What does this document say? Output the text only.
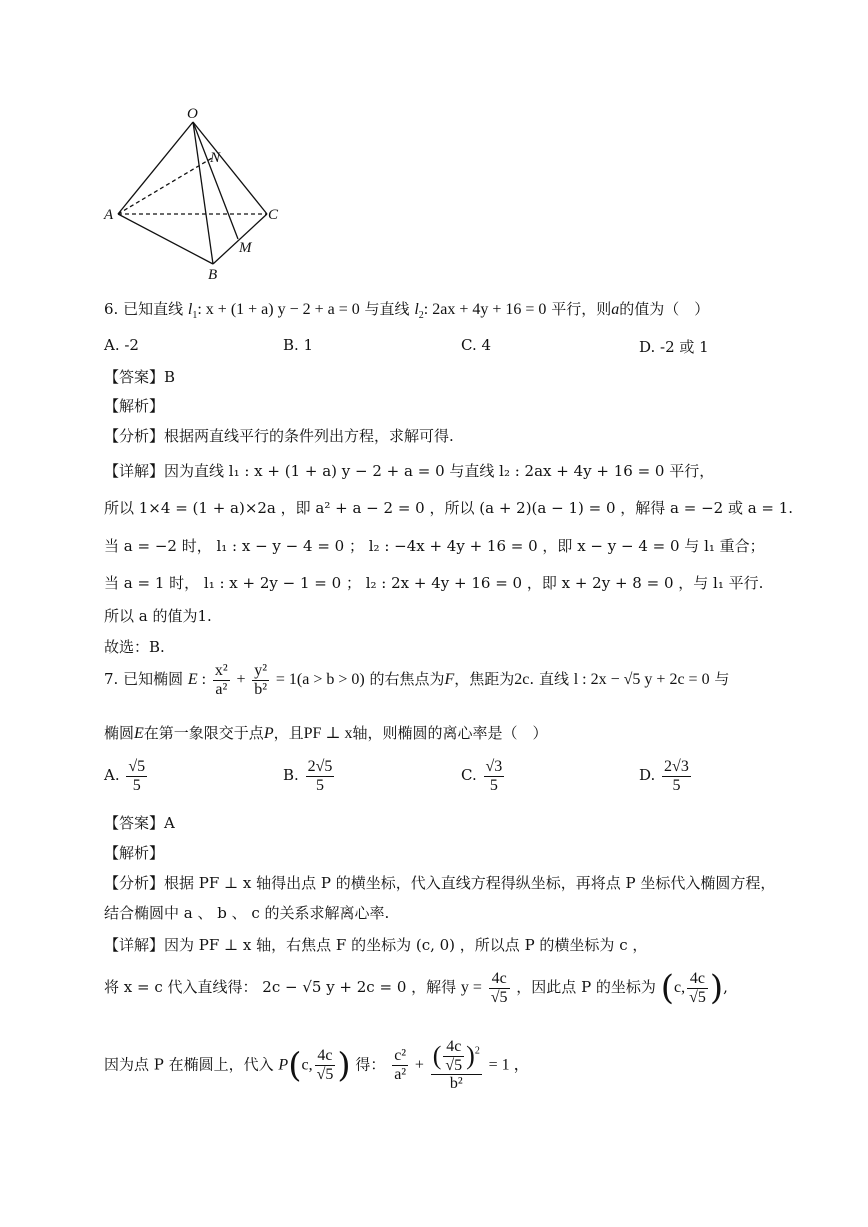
O
N
A	C
M
B
6. 已知直线 $l_1$: x + (1 + a) y − 2 + a = 0 与直线 $l_2$: 2ax + 4y + 16 = 0 平行，则a的值为（　）
A. -2	B. 1	C. 4	D. -2 或 1
【答案】B
【解析】
【分析】根据两直线平行的条件列出方程，求解可得.
【详解】因为直线 l₁ : x + (1 + a) y − 2 + a = 0 与直线 l₂ : 2ax + 4y + 16 = 0 平行，
所以 1×4 = (1 + a)×2a ，即 a² + a − 2 = 0 ，所以 (a + 2)(a − 1) = 0 ，解得 a = −2 或 a = 1.
当 a = −2 时， l₁ : x − y − 4 = 0 ； l₂ : −4x + 4y + 16 = 0 ，即 x − y − 4 = 0 与 l₁ 重合；
当 a = 1 时， l₁ : x + 2y − 1 = 0 ； l₂ : 2x + 4y + 16 = 0 ，即 x + 2y + 8 = 0 ，与 l₁ 平行.
所以 a 的值为1.
故选：B.
7. 已知椭圆 E : $\frac{\text{x²}}{\text{a²}} + \frac{\text{y²}}{\text{b²}} = 1(a > b > 0)$ 的右焦点为F，焦距为2c. 直线 l : 2x − √5 y + 2c = 0 与
椭圆E在第一象限交于点P，且PF ⊥ x轴，则椭圆的离心率是（　）
A. $\frac{√5}{5}$	B. $\frac{2√5}{5}$	C. $\frac{√3}{5}$	D. $\frac{2√3}{5}$
【答案】A
【解析】
【分析】根据 PF ⊥ x 轴得出点 P 的横坐标，代入直线方程得纵坐标，再将点 P 坐标代入椭圆方程，
结合椭圆中 a 、 b 、 c 的关系求解离心率.
【详解】因为 PF ⊥ x 轴，右焦点 F 的坐标为 (c, 0) ，所以点 P 的横坐标为 c ，
将 x = c 代入直线得： 2c − √5 y + 2c = 0 ，解得 $y = \frac{4c}{√5}$ ，因此点 P 的坐标为 (c, $\frac{4c}{√5}$ ),
因为点 P 在椭圆上，代入 P(c, $\frac{4c}{√5}$ ) 得： $\frac{\text{c²}}{\text{a²}} + \frac{( \frac{4c}{√5} )^2}{\text{b²}} = 1$ ，
